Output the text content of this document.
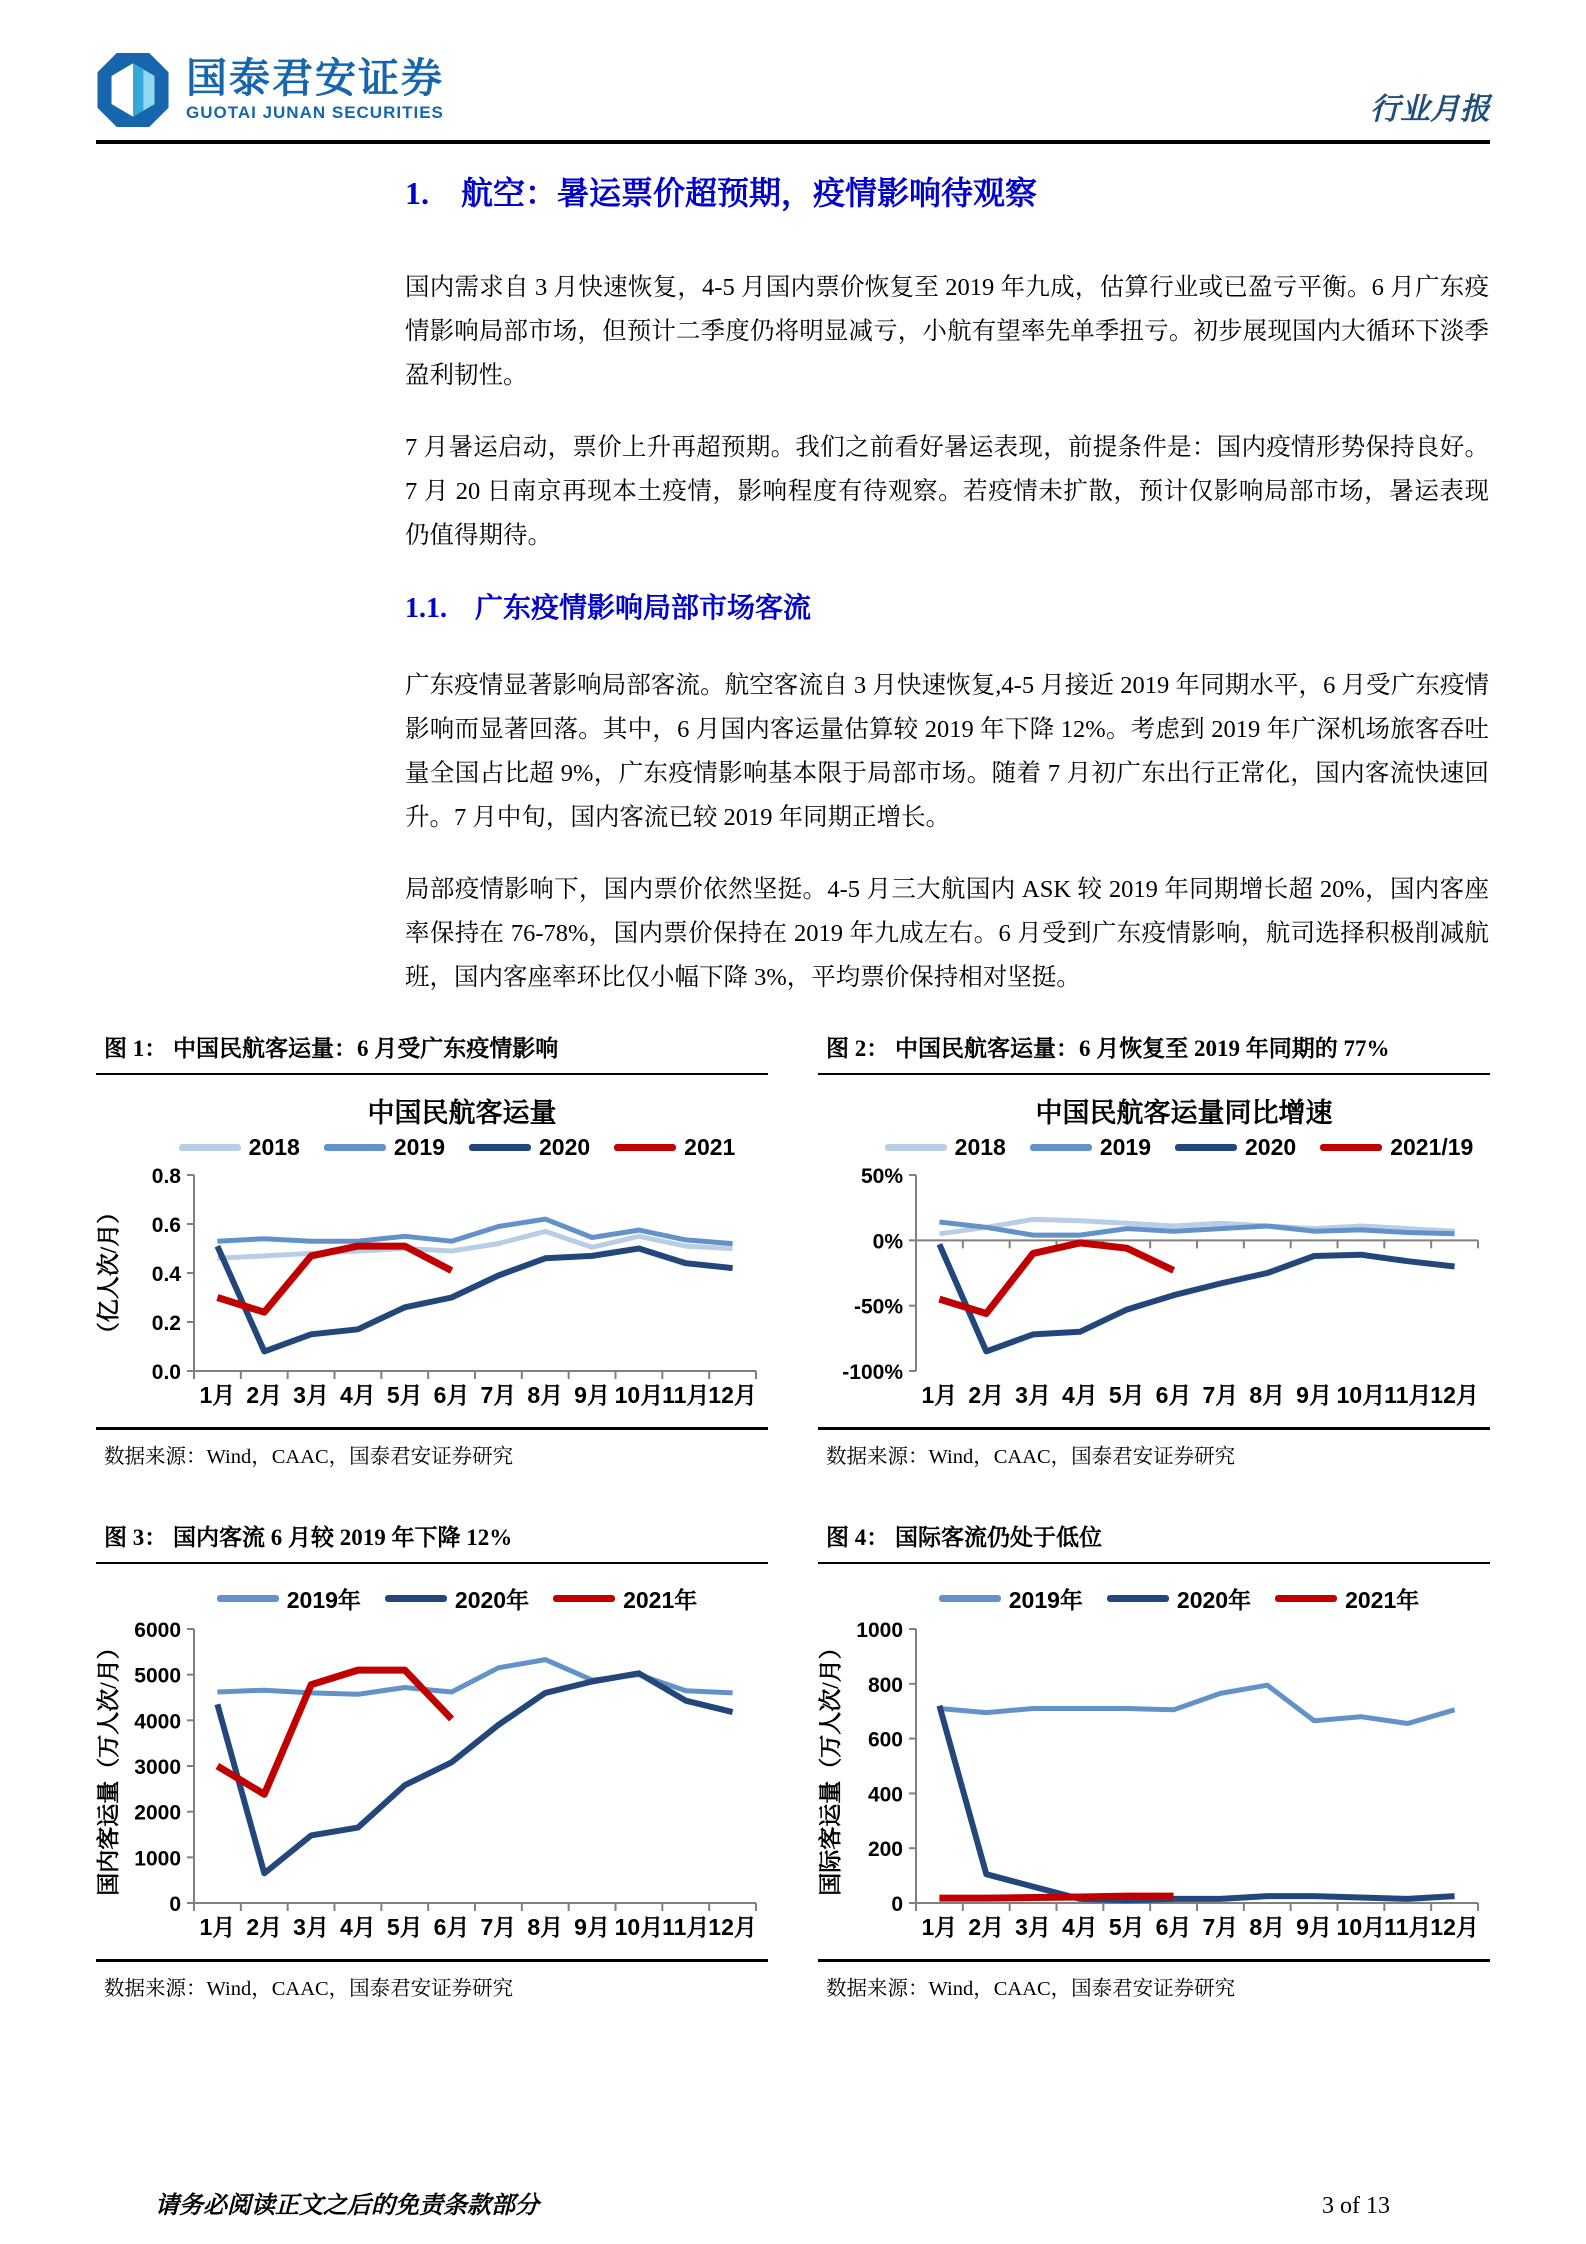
国泰君安证券
GUOTAI JUNAN SECURITIES	行业月报
1.　航空：暑运票价超预期，疫情影响待观察

国内需求自 3 月快速恢复，4-5 月国内票价恢复至 2019 年九成，估算行业或已盈亏平衡。6 月广东疫情影响局部市场，但预计二季度仍将明显减亏，小航有望率先单季扭亏。初步展现国内大循环下淡季盈利韧性。

7 月暑运启动，票价上升再超预期。我们之前看好暑运表现，前提条件是：国内疫情形势保持良好。7 月 20 日南京再现本土疫情，影响程度有待观察。若疫情未扩散，预计仅影响局部市场，暑运表现仍值得期待。

1.1.　广东疫情影响局部市场客流

广东疫情显著影响局部客流。航空客流自 3 月快速恢复,4-5 月接近 2019 年同期水平，6 月受广东疫情影响而显著回落。其中，6 月国内客运量估算较 2019 年下降 12%。考虑到 2019 年广深机场旅客吞吐量全国占比超 9%，广东疫情影响基本限于局部市场。随着 7 月初广东出行正常化，国内客流快速回升。7 月中旬，国内客流已较 2019 年同期正增长。

局部疫情影响下，国内票价依然坚挺。4-5 月三大航国内 ASK 较 2019 年同期增长超 20%，国内客座率保持在 76-78%，国内票价保持在 2019 年九成左右。6 月受到广东疫情影响，航司选择积极削减航班，国内客座率环比仅小幅下降 3%，平均票价保持相对坚挺。

图 1： 中国民航客运量：6 月受广东疫情影响
中国民航客运量
2018	2019	2020	2021
0.0
0.2
0.4
0.6
0.8
1月 2月 3月 4月 5月 6月 7月 8月 9月 10月
11月
12月
（亿人次/月）
数据来源：Wind，CAAC，国泰君安证券研究
图 2： 中国民航客运量：6 月恢复至 2019 年同期的 77%
中国民航客运量同比增速
2018	2019	2020	2021/19
50%
0%
-50%
-100%
1月 2月 3月 4月 5月 6月 7月 8月 9月 10月
11月
12月
数据来源：Wind，CAAC，国泰君安证券研究
图 3： 国内客流 6 月较 2019 年下降 12%
2019年	2020年	2021年
0
1000
2000
3000
4000
5000
6000
1月 2月 3月 4月 5月 6月 7月 8月 9月 10月
11月
12月
国内客运量（万人次/月）
数据来源：Wind，CAAC，国泰君安证券研究
图 4： 国际客流仍处于低位
2019年	2020年	2021年
0
200
400
600
800
1000
1月 2月 3月 4月 5月 6月 7月 8月 9月 10月
11月
12月
国际客运量（万人次/月）
数据来源：Wind，CAAC，国泰君安证券研究
请务必阅读正文之后的免责条款部分	3 of 13
